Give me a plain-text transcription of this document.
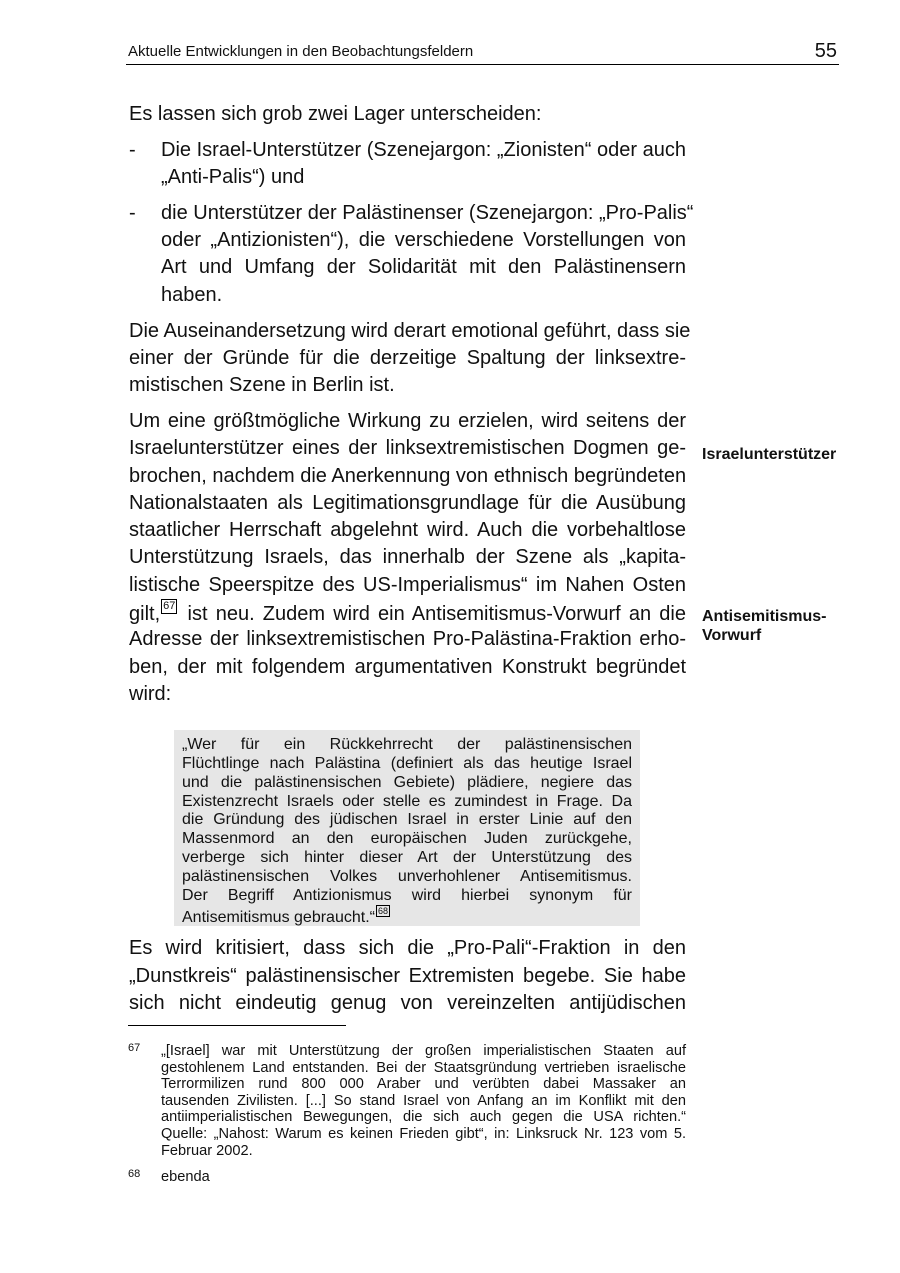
Aktuelle Entwicklungen in den Beobachtungsfeldern	55
Es lassen sich grob zwei Lager unterscheiden:
- Die Israel-Unterstützer (Szenejargon: „Zionisten“ oder auch
„Anti-Palis“) und
- die Unterstützer der Palästinenser (Szenejargon: „Pro-Palis“
oder „Antizionisten“), die verschiedene Vorstellungen von
Art und Umfang der Solidarität mit den Palästinensern
haben.
Die Auseinandersetzung wird derart emotional geführt, dass sie
einer der Gründe für die derzeitige Spaltung der linksextre-
mistischen Szene in Berlin ist.
Um eine größtmögliche Wirkung zu erzielen, wird seitens der
Israelunterstützer eines der linksextremistischen Dogmen ge-
brochen, nachdem die Anerkennung von ethnisch begründeten
Nationalstaaten als Legitimationsgrundlage für die Ausübung
staatlicher Herrschaft abgelehnt wird. Auch die vorbehaltlose
Unterstützung Israels, das innerhalb der Szene als „kapita-
listische Speerspitze des US-Imperialismus“ im Nahen Osten
gilt, 67 ist neu. Zudem wird ein Antisemitismus-Vorwurf an die
Adresse der linksextremistischen Pro-Palästina-Fraktion erho-
ben, der mit folgendem argumentativen Konstrukt begründet
wird:
„Wer für ein Rückkehrrecht der palästinensischen
Flüchtlinge nach Palästina (definiert als das heutige Israel
und die palästinensischen Gebiete) plädiere, negiere das
Existenzrecht Israels oder stelle es zumindest in Frage. Da
die Gründung des jüdischen Israel in erster Linie auf den
Massenmord an den europäischen Juden zurückgehe,
verberge sich hinter dieser Art der Unterstützung des
palästinensischen Volkes unverhohlener Antisemitismus.
Der Begriff Antizionismus wird hierbei synonym für
Antisemitismus gebraucht.“ 68
Es wird kritisiert, dass sich die „Pro-Pali“-Fraktion in den
„Dunstkreis“ palästinensischer Extremisten begebe. Sie habe
sich nicht eindeutig genug von vereinzelten antijüdischen
Israelunterstützer
Antisemitismus-
Vorwurf
67 „[Israel] war mit Unterstützung der großen imperialistischen Staaten auf
gestohlenem Land entstanden. Bei der Staatsgründung vertrieben israelische
Terrormilizen rund 800 000 Araber und verübten dabei Massaker an
tausenden Zivilisten. [...] So stand Israel von Anfang an im Konflikt mit den
antiimperialistischen Bewegungen, die sich auch gegen die USA richten.“
Quelle: „Nahost: Warum es keinen Frieden gibt“, in: Linksruck Nr. 123 vom 5.
Februar 2002.
68 ebenda
